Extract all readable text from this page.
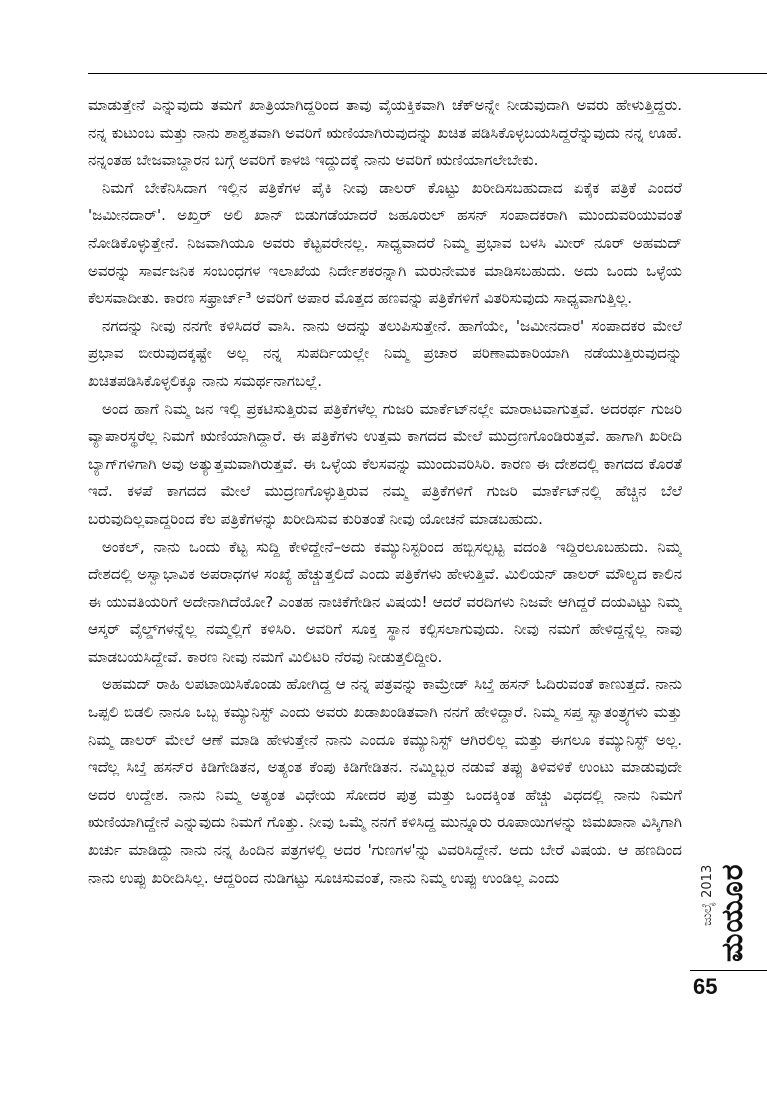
ಮಾಡುತ್ತೇನೆ ಎನ್ನುವುದು ತಮಗೆ ಖಾತ್ರಿಯಾಗಿದ್ದರಿಂದ ತಾವು ವೈಯಕ್ತಿಕವಾಗಿ ಚೆಕ್‌ಅನ್ನೇ ನೀಡುವುದಾಗಿ ಅವರು ಹೇಳುತ್ತಿದ್ದರು. ನನ್ನ ಕುಟುಂಬ ಮತ್ತು ನಾನು ಶಾಶ್ವತವಾಗಿ ಅವರಿಗೆ ಋಣಿಯಾಗಿರುವುದನ್ನು ಖಚಿತ ಪಡಿಸಿಕೊಳ್ಳಬಯಸಿದ್ದರೆನ್ನುವುದು ನನ್ನ ಊಹೆ. ನನ್ನಂತಹ ಬೇಜವಾಬ್ದಾರನ ಬಗ್ಗೆ ಅವರಿಗೆ ಕಾಳಜಿ ಇದ್ದುದಕ್ಕೆ ನಾನು ಅವರಿಗೆ ಋಣಿಯಾಗಲೇಬೇಕು.

ನಿಮಗೆ ಬೇಕೆನಿಸಿದಾಗ ಇಲ್ಲಿನ ಪತ್ರಿಕೆಗಳ ಪೈಕಿ ನೀವು ಡಾಲರ್ ಕೊಟ್ಟು ಖರೀದಿಸಬಹುದಾದ ಏಕೈಕ ಪತ್ರಿಕೆ ಎಂದರೆ 'ಜಮೀನದಾರ್'. ಅಖ್ತರ್ ಅಲಿ ಖಾನ್ ಬಿಡುಗಡೆಯಾದರೆ ಜಹೂರುಲ್ ಹಸನ್ ಸಂಪಾದಕರಾಗಿ ಮುಂದುವರಿಯುವಂತೆ ನೋಡಿಕೊಳ್ಳುತ್ತೇನೆ. ನಿಜವಾಗಿಯೂ ಅವರು ಕೆಟ್ಟವರೇನಲ್ಲ. ಸಾಧ್ಯವಾದರೆ ನಿಮ್ಮ ಪ್ರಭಾವ ಬಳಸಿ ಮೀರ್ ನೂರ್ ಅಹಮದ್ ಅವರನ್ನು ಸಾರ್ವಜನಿಕ ಸಂಬಂಧಗಳ ಇಲಾಖೆಯ ನಿರ್ದೇಶಕರನ್ನಾಗಿ ಮರುನೇಮಕ ಮಾಡಿಸಬಹುದು. ಅದು ಒಂದು ಒಳ್ಳೆಯ ಕೆಲಸವಾದೀತು. ಕಾರಣ ಸಫ್ರಾರ್ಜ್³ ಅವರಿಗೆ ಅಪಾರ ಮೊತ್ತದ ಹಣವನ್ನು ಪತ್ರಿಕೆಗಳಿಗೆ ವಿತರಿಸುವುದು ಸಾಧ್ಯವಾಗುತ್ತಿಲ್ಲ.

ನಗದನ್ನು ನೀವು ನನಗೇ ಕಳಿಸಿದರೆ ವಾಸಿ. ನಾನು ಅದನ್ನು ತಲುಪಿಸುತ್ತೇನೆ. ಹಾಗೆಯೇ, 'ಜಮೀನದಾರ' ಸಂಪಾದಕರ ಮೇಲೆ ಪ್ರಭಾವ ಬೀರುವುದಕ್ಕಷ್ಟೇ ಅಲ್ಲ ನನ್ನ ಸುಪರ್ದಿಯಲ್ಲೇ ನಿಮ್ಮ ಪ್ರಚಾರ ಪರಿಣಾಮಕಾರಿಯಾಗಿ ನಡೆಯುತ್ತಿರುವುದನ್ನು ಖಚಿತಪಡಿಸಿಕೊಳ್ಳಲಿಕ್ಕೂ ನಾನು ಸಮರ್ಥನಾಗಬಲ್ಲೆ.

ಅಂದ ಹಾಗೆ ನಿಮ್ಮ ಜನ ಇಲ್ಲಿ ಪ್ರಕಟಿಸುತ್ತಿರುವ ಪತ್ರಿಕೆಗಳೆಲ್ಲ ಗುಜರಿ ಮಾರ್ಕೆಟ್‌ನಲ್ಲೇ ಮಾರಾಟವಾಗುತ್ತವೆ. ಅದರರ್ಥ ಗುಜರಿ ವ್ಯಾಪಾರಸ್ಥರೆಲ್ಲ ನಿಮಗೆ ಋಣಿಯಾಗಿದ್ದಾರೆ. ಈ ಪತ್ರಿಕೆಗಳು ಉತ್ತಮ ಕಾಗದದ ಮೇಲೆ ಮುದ್ರಣಗೊಂಡಿರುತ್ತವೆ. ಹಾಗಾಗಿ ಖರೀದಿ ಬ್ಯಾಗ್‌ಗಳಿಗಾಗಿ ಅವು ಅತ್ಯುತ್ತಮವಾಗಿರುತ್ತವೆ. ಈ ಒಳ್ಳೆಯ ಕೆಲಸವನ್ನು ಮುಂದುವರಿಸಿರಿ. ಕಾರಣ ಈ ದೇಶದಲ್ಲಿ ಕಾಗದದ ಕೊರತೆ ಇದೆ. ಕಳಪೆ ಕಾಗದದ ಮೇಲೆ ಮುದ್ರಣಗೊಳ್ಳುತ್ತಿರುವ ನಮ್ಮ ಪತ್ರಿಕೆಗಳಿಗೆ ಗುಜರಿ ಮಾರ್ಕೆಟ್‌ನಲ್ಲಿ ಹೆಚ್ಚಿನ ಬೆಲೆ ಬರುವುದಿಲ್ಲವಾದ್ದರಿಂದ ಕೆಲ ಪತ್ರಿಕೆಗಳನ್ನು ಖರೀದಿಸುವ ಕುರಿತಂತೆ ನೀವು ಯೋಚನೆ ಮಾಡಬಹುದು.

ಅಂಕಲ್, ನಾನು ಒಂದು ಕೆಟ್ಟ ಸುದ್ದಿ ಕೇಳಿದ್ದೇನೆ–ಅದು ಕಮ್ಯುನಿಸ್ಟರಿಂದ ಹಬ್ಬಿಸಲ್ಪಟ್ಟ ವದಂತಿ ಇದ್ದಿರಲೂಬಹುದು. ನಿಮ್ಮ ದೇಶದಲ್ಲಿ ಅಸ್ವಾಭಾವಿಕ ಅಪರಾಧಗಳ ಸಂಖ್ಯೆ ಹೆಚ್ಚುತ್ತಲಿದೆ ಎಂದು ಪತ್ರಿಕೆಗಳು ಹೇಳುತ್ತಿವೆ. ಮಿಲಿಯನ್ ಡಾಲರ್ ಮೌಲ್ಯದ ಕಾಲಿನ ಈ ಯುವತಿಯರಿಗೆ ಅದೇನಾಗಿದೆಯೋ? ಎಂತಹ ನಾಚಿಕೆಗೇಡಿನ ವಿಷಯ! ಆದರೆ ವರದಿಗಳು ನಿಜವೇ ಆಗಿದ್ದರೆ ದಯವಿಟ್ಟು ನಿಮ್ಮ ಆಸ್ಕರ್ ವೈಲ್ಡ್‌ಗಳನ್ನೆಲ್ಲ ನಮ್ಮಲ್ಲಿಗೆ ಕಳಿಸಿರಿ. ಅವರಿಗೆ ಸೂಕ್ತ ಸ್ಥಾನ ಕಲ್ಪಿಸಲಾಗುವುದು. ನೀವು ನಮಗೆ ಹೇಳಿದ್ದನ್ನೆಲ್ಲ ನಾವು ಮಾಡಬಯಸಿದ್ದೇವೆ. ಕಾರಣ ನೀವು ನಮಗೆ ಮಿಲಿಟರಿ ನೆರವು ನೀಡುತ್ತಲಿದ್ದೀರಿ.

ಅಹಮದ್ ರಾಹಿ ಲಪಟಾಯಿಸಿಕೊಂಡು ಹೋಗಿದ್ದ ಆ ನನ್ನ ಪತ್ರವನ್ನು ಕಾಮ್ರೇಡ್ ಸಿಬ್ತೆ ಹಸನ್ ಓದಿರುವಂತೆ ಕಾಣುತ್ತದೆ. ನಾನು ಒಪ್ಪಲಿ ಬಿಡಲಿ ನಾನೂ ಒಬ್ಬ ಕಮ್ಯುನಿಸ್ಟ್ ಎಂದು ಅವರು ಖಡಾಖಂಡಿತವಾಗಿ ನನಗೆ ಹೇಳಿದ್ದಾರೆ. ನಿಮ್ಮ ಸಪ್ತ ಸ್ವಾತಂತ್ರ್ಯಗಳು ಮತ್ತು ನಿಮ್ಮ ಡಾಲರ್ ಮೇಲೆ ಆಣೆ ಮಾಡಿ ಹೇಳುತ್ತೇನೆ ನಾನು ಎಂದೂ ಕಮ್ಯುನಿಸ್ಟ್ ಆಗಿರಲಿಲ್ಲ ಮತ್ತು ಈಗಲೂ ಕಮ್ಯುನಿಸ್ಟ್ ಅಲ್ಲ. ಇದೆಲ್ಲ ಸಿಬ್ತೆ ಹಸನ್‌ರ ಕಿಡಿಗೇಡಿತನ, ಅತ್ಯಂತ ಕೆಂಪು ಕಿಡಿಗೇಡಿತನ. ನಮ್ಮಿಬ್ಬರ ನಡುವೆ ತಪ್ಪು ತಿಳಿವಳಿಕೆ ಉಂಟು ಮಾಡುವುದೇ ಅದರ ಉದ್ದೇಶ. ನಾನು ನಿಮ್ಮ ಅತ್ಯಂತ ವಿಧೇಯ ಸೋದರ ಪುತ್ರ ಮತ್ತು ಒಂದಕ್ಕಿಂತ ಹೆಚ್ಚು ವಿಧದಲ್ಲಿ ನಾನು ನಿಮಗೆ ಋಣಿಯಾಗಿದ್ದೇನೆ ಎನ್ನುವುದು ನಿಮಗೆ ಗೊತ್ತು. ನೀವು ಒಮ್ಮೆ ನನಗೆ ಕಳಿಸಿದ್ದ ಮುನ್ನೂರು ರೂಪಾಯಿಗಳನ್ನು ಜಿಮಖಾನಾ ವಿಸ್ಕಿಗಾಗಿ ಖರ್ಚು ಮಾಡಿದ್ದು ನಾನು ನನ್ನ ಹಿಂದಿನ ಪತ್ರಗಳಲ್ಲಿ ಅದರ 'ಗುಣಗಳ'ನ್ನು ವಿವರಿಸಿದ್ದೇನೆ. ಅದು ಬೇರೆ ವಿಷಯ. ಆ ಹಣದಿಂದ ನಾನು ಉಪ್ಪು ಖರೀದಿಸಿಲ್ಲ. ಆದ್ದರಿಂದ ನುಡಿಗಟ್ಟು ಸೂಚಿಸುವಂತೆ, ನಾನು ನಿಮ್ಮ ಉಪ್ಪು ಉಂಡಿಲ್ಲ ಎಂದು	ಜುಲೈ 2013 ಮಯೂರ
65
